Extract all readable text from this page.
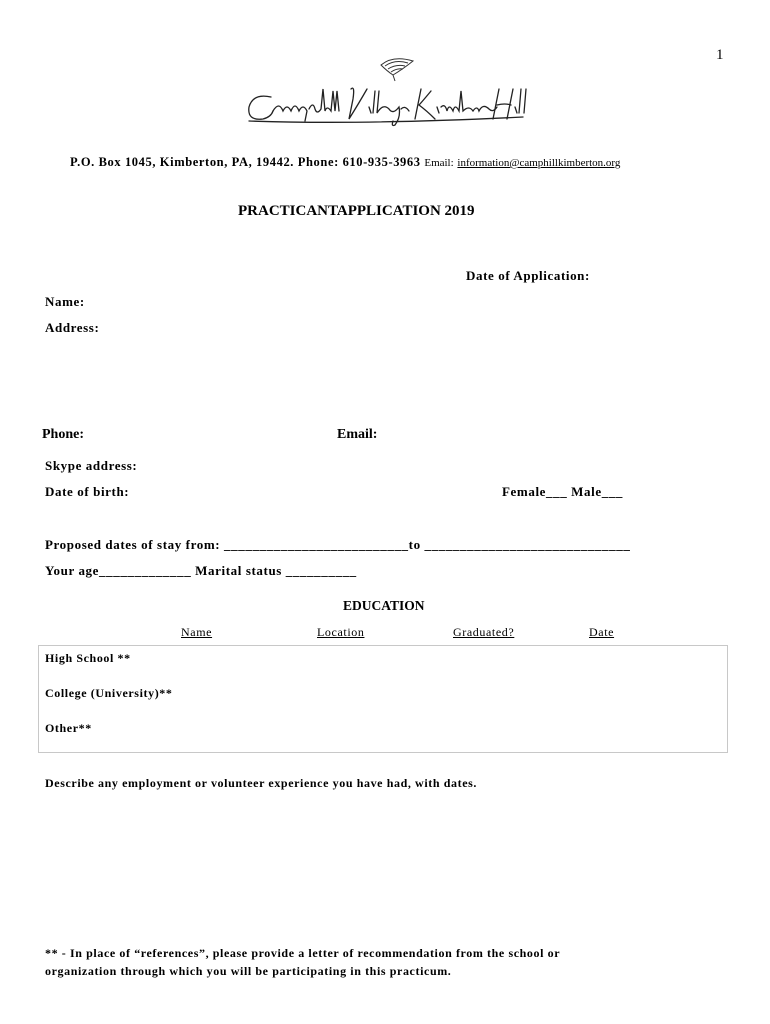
1
P.O. Box 1045, Kimberton, PA, 19442. Phone: 610-935-3963 Email: information@camphillkimberton.org
PRACTICANTAPPLICATION 2019
Date of Application:
Name:
Address:
Phone:	Email:
Skype address:
Date of birth:	Female___ Male___
Proposed dates of stay from: __________________________to _____________________________
Your age_____________ Marital status __________
EDUCATION
Name	Location	Graduated?	Date
High School **
College (University)**
Other**
Describe any employment or volunteer experience you have had, with dates.
** - In place of “references”, please provide a letter of recommendation from the school or
organization through which you will be participating in this practicum.
